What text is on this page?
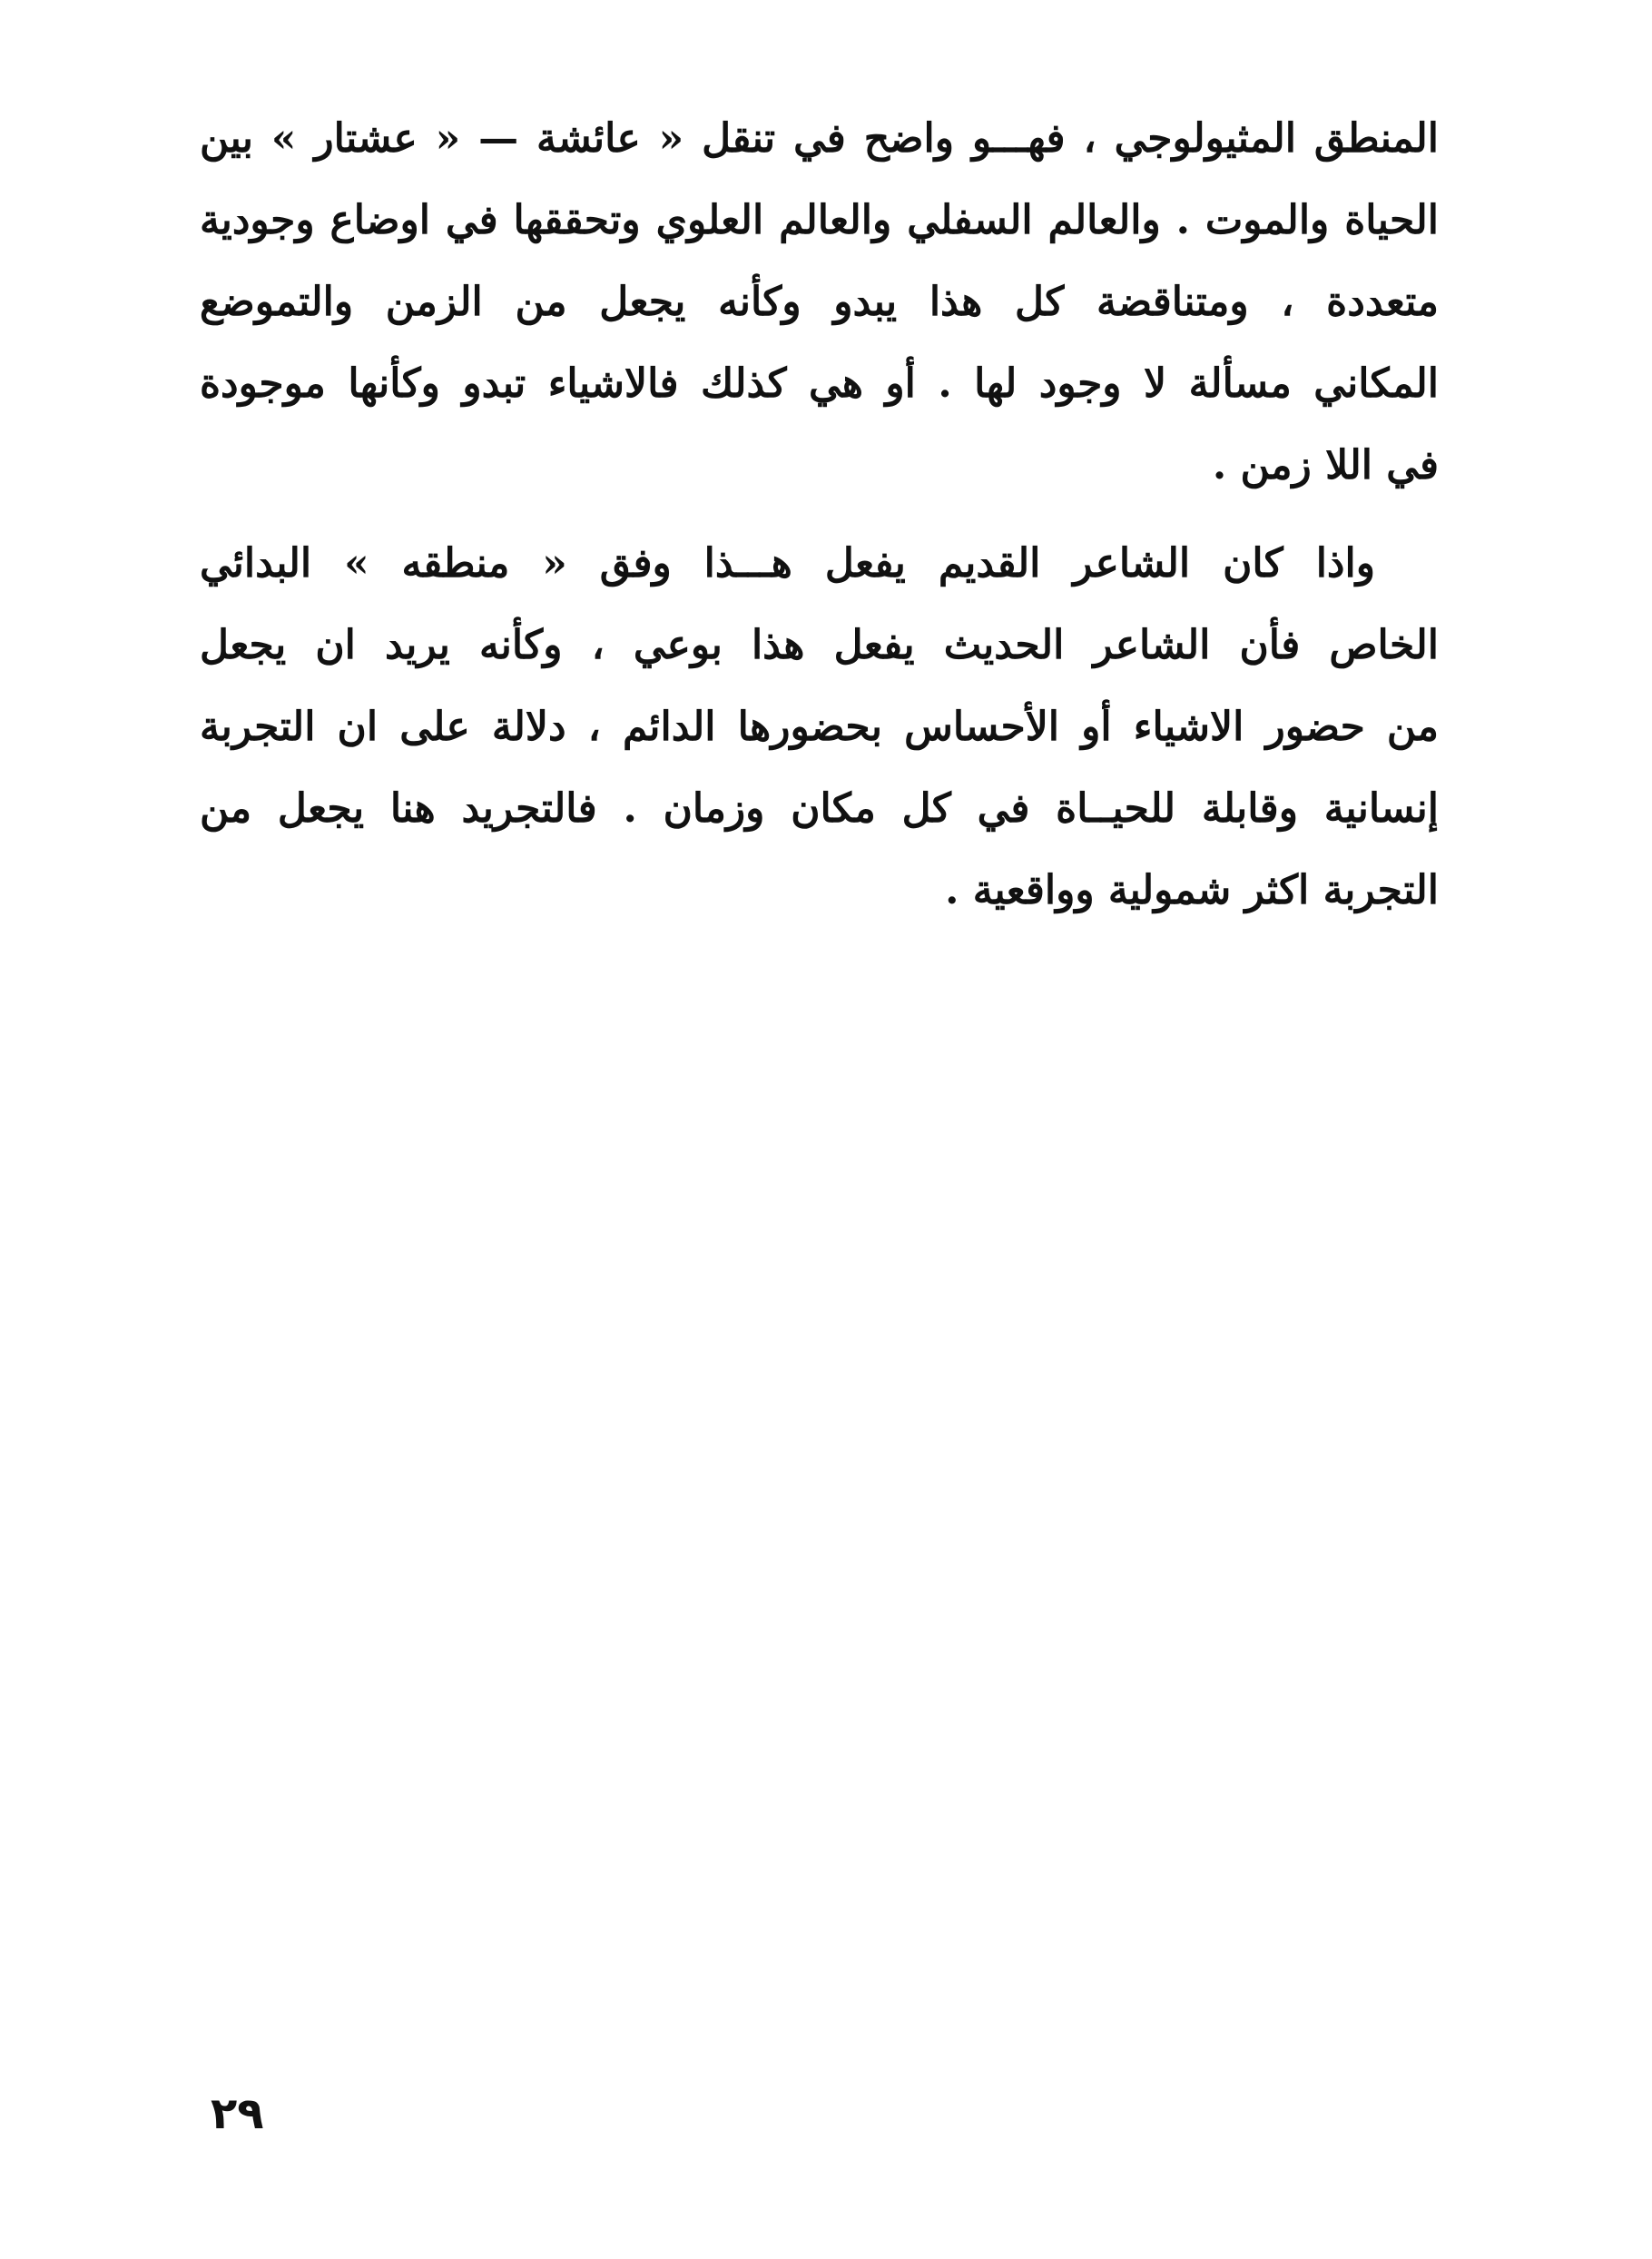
المنطق المثيولوجي ، فهـــو واضح في تنقل « عائشة — « عشتار » بين
الحياة والموت . والعالم السفلي والعالم العلوي وتحققها في اوضاع وجودية
متعددة ، ومتناقضة كل هذا يبدو وكأنه يجعل من الزمن والتموضع
المكاني مسألة لا وجود لها . أو هي كذلك فالاشياء تبدو وكأنها موجودة
في اللا زمن .
واذا كان الشاعر القديم يفعل هـــذا وفق « منطقه » البدائي
الخاص فأن الشاعر الحديث يفعل هذا بوعي ، وكأنه يريد ان يجعل
من حضور الاشياء أو الأحساس بحضورها الدائم ، دلالة على ان التجربة
إنسانية وقابلة للحيــاة في كل مكان وزمان . فالتجريد هنا يجعل من
التجربة اكثر شمولية وواقعية .
٢٩
